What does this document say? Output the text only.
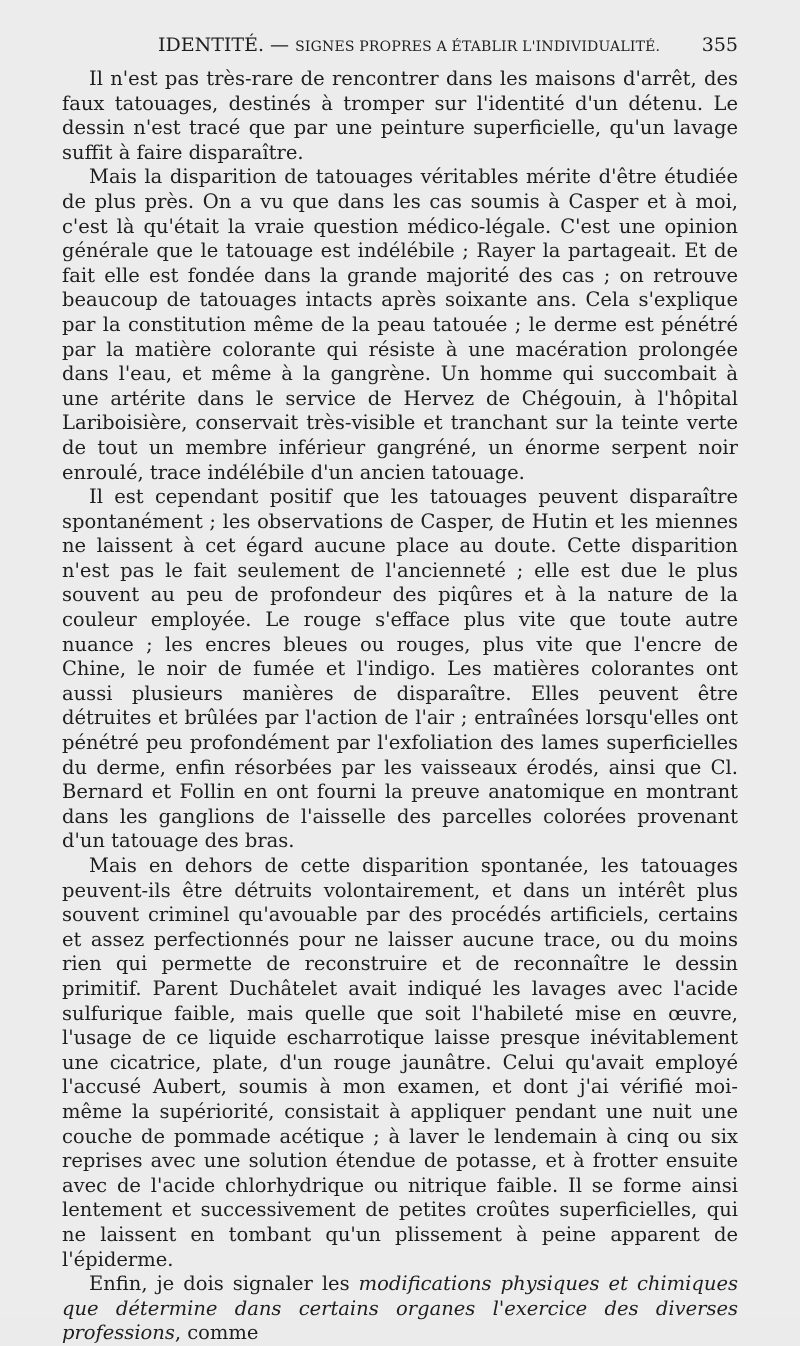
IDENTITÉ. — SIGNES PROPRES A ÉTABLIR L'INDIVIDUALITÉ. 355

Il n'est pas très-rare de rencontrer dans les maisons d'arrêt, des faux tatouages, destinés à tromper sur l'identité d'un détenu. Le dessin n'est tracé que par une peinture superficielle, qu'un lavage suffit à faire disparaître.

Mais la disparition de tatouages véritables mérite d'être étudiée de plus près. On a vu que dans les cas soumis à Casper et à moi, c'est là qu'était la vraie question médico-légale. C'est une opinion générale que le tatouage est indélébile ; Rayer la partageait. Et de fait elle est fondée dans la grande majorité des cas ; on retrouve beaucoup de tatouages intacts après soixante ans. Cela s'explique par la constitution même de la peau tatouée ; le derme est pénétré par la matière colorante qui résiste à une macération prolongée dans l'eau, et même à la gangrène. Un homme qui succombait à une artérite dans le service de Hervez de Chégouin, à l'hôpital Lariboisière, conservait très-visible et tranchant sur la teinte verte de tout un membre inférieur gangréné, un énorme serpent noir enroulé, trace indélébile d'un ancien tatouage.

Il est cependant positif que les tatouages peuvent disparaître spontanément ; les observations de Casper, de Hutin et les miennes ne laissent à cet égard aucune place au doute. Cette disparition n'est pas le fait seulement de l'ancienneté ; elle est due le plus souvent au peu de profondeur des piqûres et à la nature de la couleur employée. Le rouge s'efface plus vite que toute autre nuance ; les encres bleues ou rouges, plus vite que l'encre de Chine, le noir de fumée et l'indigo. Les matières colorantes ont aussi plusieurs manières de disparaître. Elles peuvent être détruites et brûlées par l'action de l'air ; entraînées lorsqu'elles ont pénétré peu profondément par l'exfoliation des lames superficielles du derme, enfin résorbées par les vaisseaux érodés, ainsi que Cl. Bernard et Follin en ont fourni la preuve anatomique en montrant dans les ganglions de l'aisselle des parcelles colorées provenant d'un tatouage des bras.

Mais en dehors de cette disparition spontanée, les tatouages peuvent-ils être détruits volontairement, et dans un intérêt plus souvent criminel qu'avouable par des procédés artificiels, certains et assez perfectionnés pour ne laisser aucune trace, ou du moins rien qui permette de reconstruire et de reconnaître le dessin primitif. Parent Duchâtelet avait indiqué les lavages avec l'acide sulfurique faible, mais quelle que soit l'habileté mise en œuvre, l'usage de ce liquide escharrotique laisse presque inévitablement une cicatrice, plate, d'un rouge jaunâtre. Celui qu'avait employé l'accusé Aubert, soumis à mon examen, et dont j'ai vérifié moi-même la supériorité, consistait à appliquer pendant une nuit une couche de pommade acétique ; à laver le lendemain à cinq ou six reprises avec une solution étendue de potasse, et à frotter ensuite avec de l'acide chlorhydrique ou nitrique faible. Il se forme ainsi lentement et successivement de petites croûtes superficielles, qui ne laissent en tombant qu'un plissement à peine apparent de l'épiderme.

Enfin, je dois signaler les modifications physiques et chimiques que détermine dans certains organes l'exercice des diverses professions, comme
